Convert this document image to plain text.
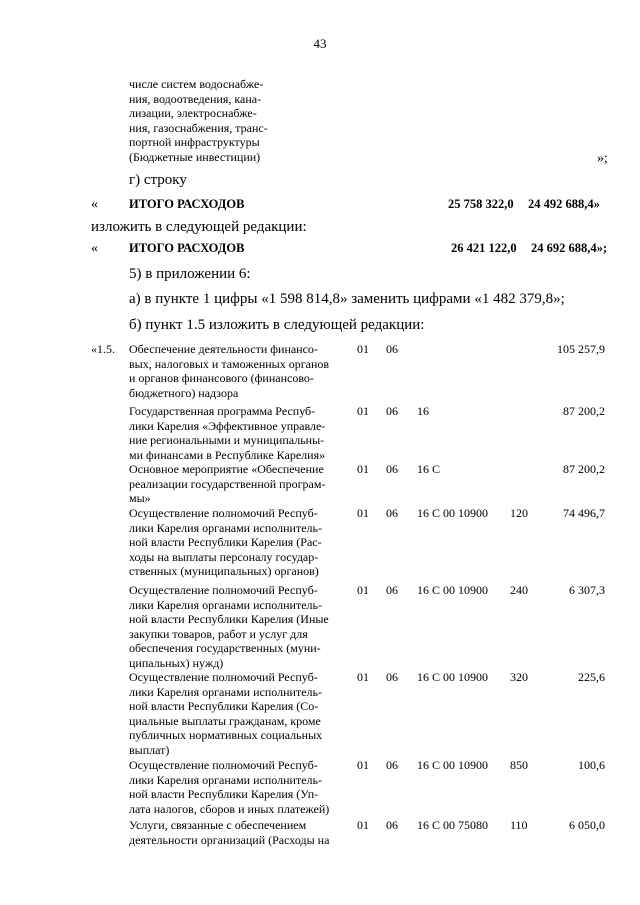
43
числе систем водоснабже-
ния, водоотведения, кана-
лизации, электроснабже-
ния, газоснабжения, транс-
портной инфраструктуры
(Бюджетные инвестиции)	»;
г) строку
« ИТОГО РАСХОДОВ	25 758 322,0 24 492 688,4»
изложить в следующей редакции:
« ИТОГО РАСХОДОВ	26 421 122,0 24 692 688,4»;
5) в приложении 6:
а) в пункте 1 цифры «1 598 814,8» заменить цифрами «1 482 379,8»;
б) пункт 1.5 изложить в следующей редакции:
«1.5. Обеспечение деятельности финансо-
вых, налоговых и таможенных органов
и органов финансового (финансово-
бюджетного) надзора
01 06	105 257,9
Государственная программа Респуб-
лики Карелия «Эффективное управле-
ние региональными и муниципальны-
ми финансами в Республике Карелия»
01 06 16	87 200,2
Основное мероприятие «Обеспечение
реализации государственной програм-
мы»
01 06 16 С	87 200,2
Осуществление полномочий Респуб-
лики Карелия органами исполнитель-
ной власти Республики Карелия (Рас-
ходы на выплаты персоналу государ-
ственных (муниципальных) органов)
01 06 16 С 00 10900 120	74 496,7
Осуществление полномочий Респуб-
лики Карелия органами исполнитель-
ной власти Республики Карелия (Иные
закупки товаров, работ и услуг для
обеспечения государственных (муни-
ципальных) нужд)
01 06 16 С 00 10900 240	6 307,3
Осуществление полномочий Респуб-
лики Карелия органами исполнитель-
ной власти Республики Карелия (Со-
циальные выплаты гражданам, кроме
публичных нормативных социальных
выплат)
01 06 16 С 00 10900 320	225,6
Осуществление полномочий Респуб-
лики Карелия органами исполнитель-
ной власти Республики Карелия (Уп-
лата налогов, сборов и иных платежей)
01 06 16 С 00 10900 850	100,6
Услуги, связанные с обеспечением
деятельности организаций (Расходы на
01 06 16 С 00 75080 110	6 050,0
